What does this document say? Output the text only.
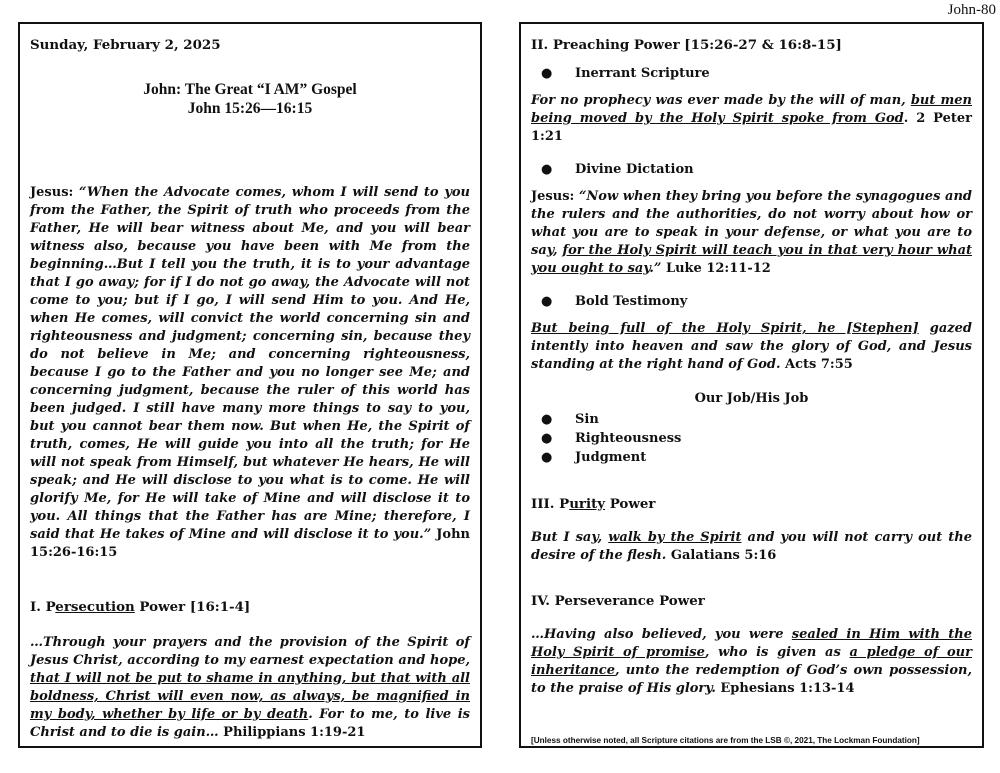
John-80

Sunday, February 2, 2025

John: The Great “I AM” Gospel
John 15:26—16:15

Jesus: “When the Advocate comes, whom I will send to you from the Father, the Spirit of truth who proceeds from the Father, He will bear witness about Me, and you will bear witness also, because you have been with Me from the beginning…But I tell you the truth, it is to your advantage that I go away; for if I do not go away, the Advocate will not come to you; but if I go, I will send Him to you. And He, when He comes, will convict the world concerning sin and righteousness and judgment; concerning sin, because they do not believe in Me; and concerning righteousness, because I go to the Father and you no longer see Me; and concerning judgment, because the ruler of this world has been judged. I still have many more things to say to you, but you cannot bear them now. But when He, the Spirit of truth, comes, He will guide you into all the truth; for He will not speak from Himself, but whatever He hears, He will speak; and He will disclose to you what is to come. He will glorify Me, for He will take of Mine and will disclose it to you. All things that the Father has are Mine; therefore, I said that He takes of Mine and will disclose it to you.” John 15:26-16:15

I. Persecution Power [16:1-4]

…Through your prayers and the provision of the Spirit of Jesus Christ, according to my earnest expectation and hope, that I will not be put to shame in anything, but that with all boldness, Christ will even now, as always, be magnified in my body, whether by life or by death. For to me, to live is Christ and to die is gain… Philippians 1:19-21

II. Preaching Power [15:26-27 & 16:8-15]

● Inerrant Scripture

For no prophecy was ever made by the will of man, but men being moved by the Holy Spirit spoke from God. 2 Peter 1:21

● Divine Dictation

Jesus: “Now when they bring you before the synagogues and the rulers and the authorities, do not worry about how or what you are to speak in your defense, or what you are to say, for the Holy Spirit will teach you in that very hour what you ought to say.” Luke 12:11-12

● Bold Testimony

But being full of the Holy Spirit, he [Stephen] gazed intently into heaven and saw the glory of God, and Jesus standing at the right hand of God. Acts 7:55

Our Job/His Job

● Sin
● Righteousness
● Judgment

III. Purity Power

But I say, walk by the Spirit and you will not carry out the desire of the flesh. Galatians 5:16

IV. Perseverance Power

…Having also believed, you were sealed in Him with the Holy Spirit of promise, who is given as a pledge of our inheritance, unto the redemption of God’s own possession, to the praise of His glory. Ephesians 1:13-14

[Unless otherwise noted, all Scripture citations are from the LSB ©, 2021, The Lockman Foundation]
